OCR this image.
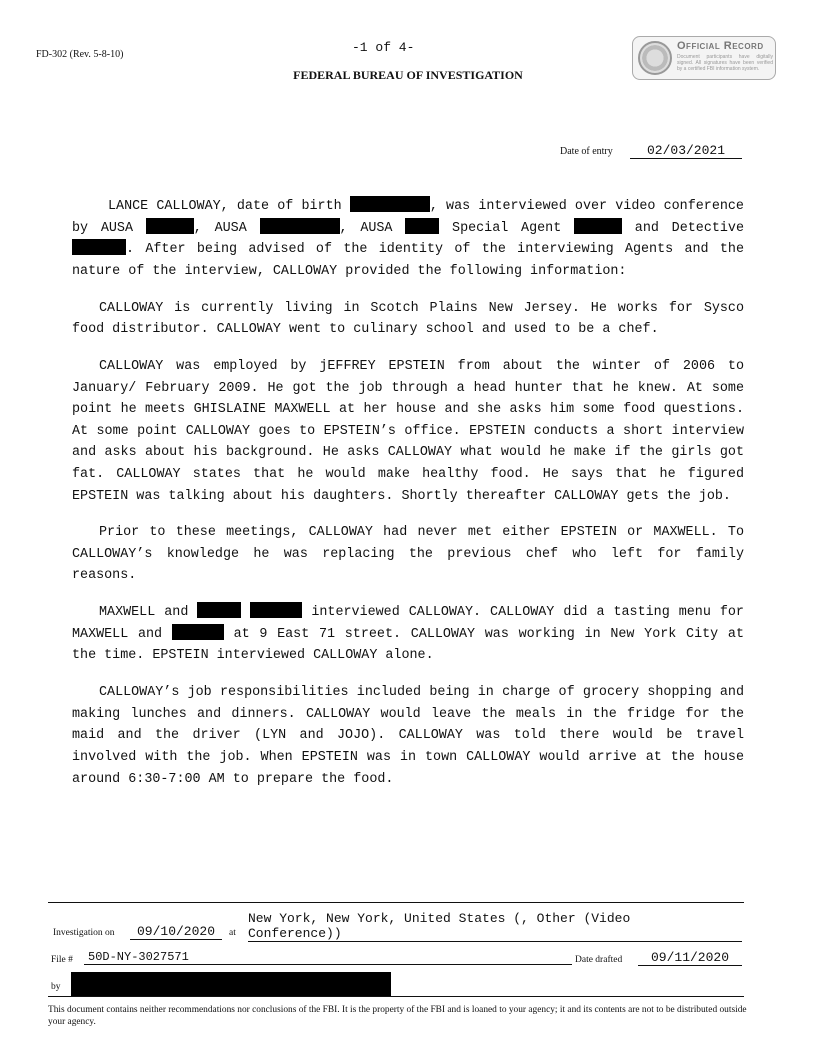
FD-302 (Rev. 5-8-10)	-1 of 4-
FEDERAL BUREAU OF INVESTIGATION
Official Record
Document participants have digitally signed. All signatures have been verified by a certified FBI information system.
Date of entry	02/03/2021

LANCE CALLOWAY, date of birth	, was interviewed over video conference by AUSA	, AUSA	, AUSA	Special Agent	and Detective. After being advised of the identity of the interviewing Agents and the nature of the interview, CALLOWAY provided the following information:

CALLOWAY is currently living in Scotch Plains New Jersey. He works for Sysco food distributor. CALLOWAY went to culinary school and used to be a chef.

CALLOWAY was employed by jEFFREY EPSTEIN from about the winter of 2006 to January/ February 2009. He got the job through a head hunter that he knew. At some point he meets GHISLAINE MAXWELL at her house and she asks him some food questions. At some point CALLOWAY goes to EPSTEIN’s office. EPSTEIN conducts a short interview and asks about his background. He asks CALLOWAY what would he make if the girls got fat. CALLOWAY states that he would make healthy food. He says that he figured EPSTEIN was talking about his daughters. Shortly thereafter CALLOWAY gets the job.

Prior to these meetings, CALLOWAY had never met either EPSTEIN or MAXWELL. To CALLOWAY’s knowledge he was replacing the previous chef who left for family reasons.

MAXWELL and	interviewed CALLOWAY. CALLOWAY did a tasting menu for MAXWELL and	at 9 East 71 street. CALLOWAY was working in New York City at the time. EPSTEIN interviewed CALLOWAY alone.

CALLOWAY’s job responsibilities included being in charge of grocery shopping and making lunches and dinners. CALLOWAY would leave the meals in the fridge for the maid and the driver (LYN and JOJO). CALLOWAY was told there would be travel involved with the job. When EPSTEIN was in town CALLOWAY would arrive at the house around 6:30-7:00 AM to prepare the food.

Investigation on	09/10/2020	at
New York, New York, United States (, Other (Video Conference))
File #	50D-NY-3027571	Date drafted	09/11/2020
by
This document contains neither recommendations nor conclusions of the FBI. It is the property of the FBI and is loaned to your agency; it and its contents are not to be distributed outside your agency.
